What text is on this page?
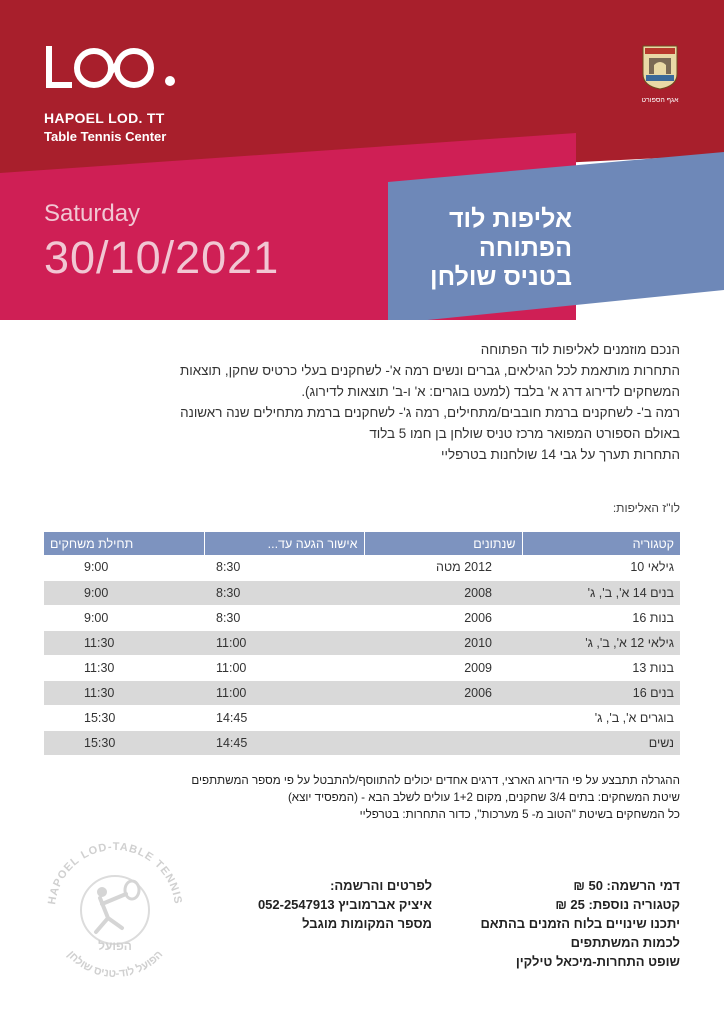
HAPOEL LOD. TT
Table Tennis Center
אגף הספורט
Saturday
30/10/2021
אליפות לוד
הפתוחה
בטניס שולחן
הנכם מוזמנים לאליפות לוד הפתוחה
התחרות מותאמת לכל הגילאים, גברים ונשים רמה א'- לשחקנים בעלי כרטיס שחקן, תוצאות
המשחקים לדירוג דרג א' בלבד (למעט בוגרים: א' ו-ב' תוצאות לדירוג).
רמה ב'- לשחקנים ברמת חובבים/מתחילים, רמה ג'- לשחקנים ברמת מתחילים שנה ראשונה
באולם הספורט המפואר מרכז טניס שולחן בן חמו 5 בלוד
התחרות תערך על גבי 14 שולחנות בטרפליי
לו"ז האליפות:
קטגוריה	שנתונים	אישור הגעה עד...	תחילת משחקים
גילאי 10	2012 מטה	8:30	9:00
בנים 14 א', ב', ג'	2008	8:30	9:00
בנות 16	2006	8:30	9:00
גילאי 12 א', ב', ג'	2010	11:00	11:30
בנות 13	2009	11:00	11:30
בנים 16	2006	11:00	11:30
בוגרים א', ב', ג'		14:45	15:30
נשים		14:45	15:30
ההגרלה תתבצע על פי הדירוג הארצי, דרגים אחדים יכולים להתווסף/להתבטל על פי מספר המשתתפים
שיטת המשחקים: בתים 3/4 שחקנים, מקום 1+2 עולים לשלב הבא - (המפסיד יוצא)
כל המשחקים בשיטת "הטוב מ- 5 מערכות", כדור התחרות: בטרפליי
דמי הרשמה: 50 ₪
קטגוריה נוספת: 25 ₪
יתכנו שינויים בלוח הזמנים בהתאם
לכמות המשתתפים
שופט התחרות-מיכאל טילקין
לפרטים והרשמה:
איציק אברמוביץ 052-2547913
מספר המקומות מוגבל
HAPOEL LOD-TABLE TENNIS
הפועל לוד-טניס שולחן
הפועל
